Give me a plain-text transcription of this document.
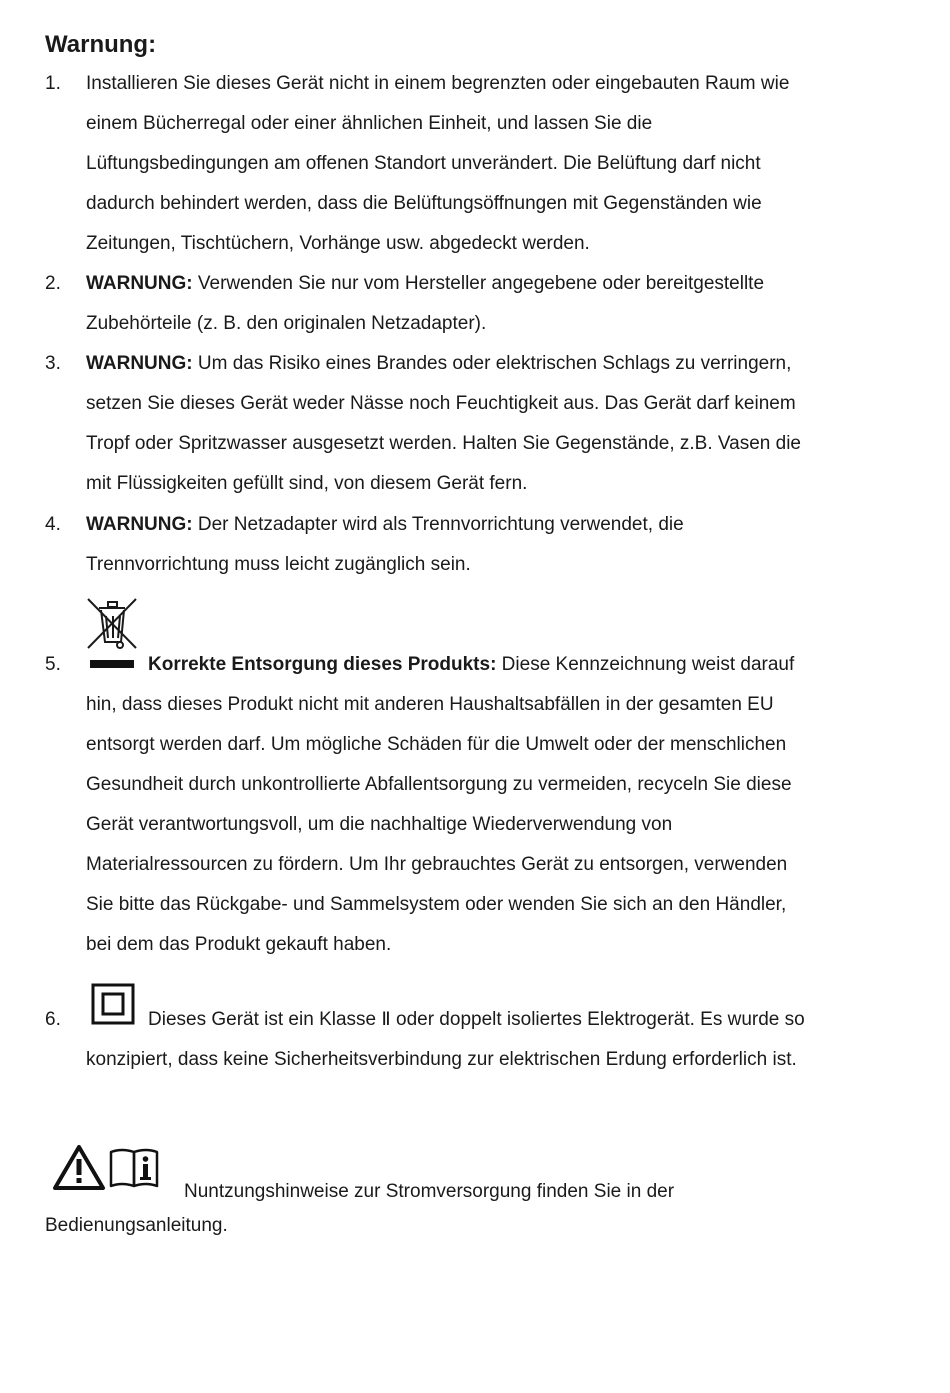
Warnung:
1. Installieren Sie dieses Gerät nicht in einem begrenzten oder eingebauten Raum wie einem Bücherregal oder einer ähnlichen Einheit, und lassen Sie die Lüftungsbedingungen am offenen Standort unverändert. Die Belüftung darf nicht dadurch behindert werden, dass die Belüftungsöffnungen mit Gegenständen wie Zeitungen, Tischtüchern, Vorhänge usw. abgedeckt werden.

2. WARNUNG: Verwenden Sie nur vom Hersteller angegebene oder bereitgestellte Zubehörteile (z. B. den originalen Netzadapter).

3. WARNUNG: Um das Risiko eines Brandes oder elektrischen Schlags zu verringern, setzen Sie dieses Gerät weder Nässe noch Feuchtigkeit aus. Das Gerät darf keinem Tropf oder Spritzwasser ausgesetzt werden. Halten Sie Gegenstände, z.B. Vasen die mit Flüssigkeiten gefüllt sind, von diesem Gerät fern.

4. WARNUNG: Der Netzadapter wird als Trennvorrichtung verwendet, die Trennvorrichtung muss leicht zugänglich sein.

5.	Korrekte Entsorgung dieses Produkts: Diese Kennzeichnung weist darauf hin, dass dieses Produkt nicht mit anderen Haushaltsabfällen in der gesamten EU entsorgt werden darf. Um mögliche Schäden für die Umwelt oder der menschlichen Gesundheit durch unkontrollierte Abfallentsorgung zu vermeiden, recyceln Sie diese Gerät verantwortungsvoll, um die nachhaltige Wiederverwendung von Materialressourcen zu fördern. Um Ihr gebrauchtes Gerät zu entsorgen, verwenden Sie bitte das Rückgabe- und Sammelsystem oder wenden Sie sich an den Händler, bei dem das Produkt gekauft haben.

6.	Dieses Gerät ist ein Klasse Ⅱ oder doppelt isoliertes Elektrogerät. Es wurde so konzipiert, dass keine Sicherheitsverbindung zur elektrischen Erdung erforderlich ist.

Nuntzungshinweise zur Stromversorgung finden Sie in der
Bedienungsanleitung.
